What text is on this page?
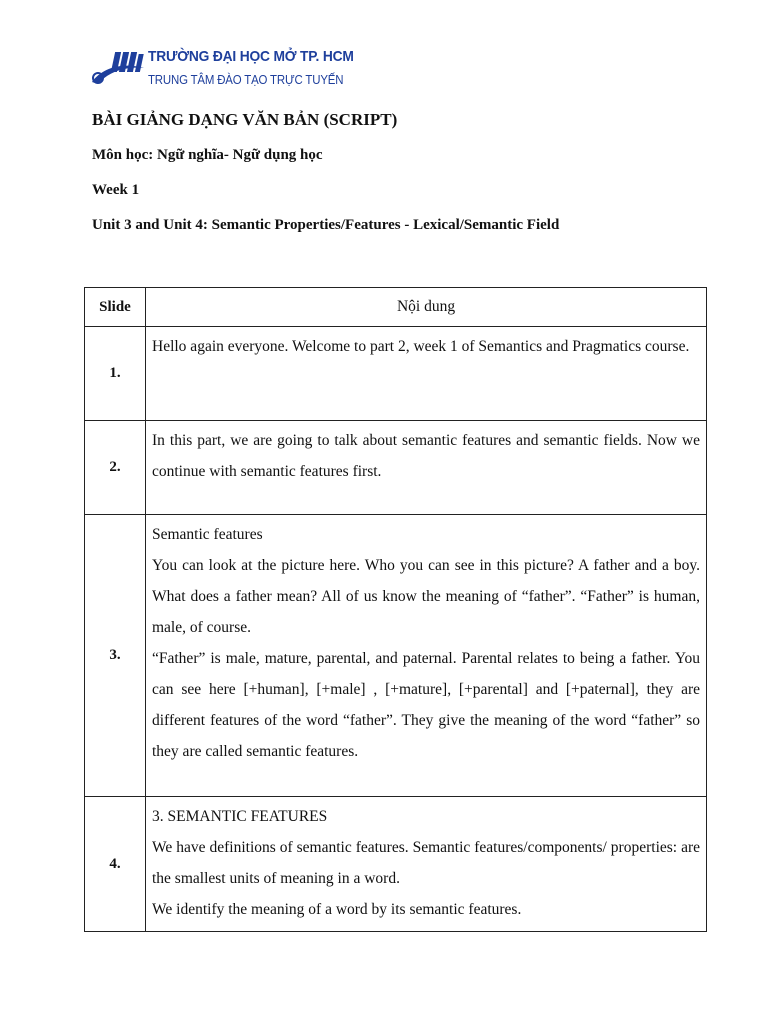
TRƯỜNG ĐẠI HỌC MỞ TP. HCM
TRUNG TÂM ĐÀO TẠO TRỰC TUYẾN
BÀI GIẢNG DẠNG VĂN BẢN (SCRIPT)
Môn học: Ngữ nghĩa- Ngữ dụng học
Week 1
Unit 3 and Unit 4: Semantic Properties/Features - Lexical/Semantic Field
Slide	Nội dung
1.	Hello again everyone. Welcome to part 2, week 1 of Semantics and Pragmatics course.

2.	In this part, we are going to talk about semantic features and semantic fields. Now we continue with semantic features first.

3.	Semantic features

You can look at the picture here. Who you can see in this picture? A father and a boy. What does a father mean? All of us know the meaning of “father”. “Father” is human, male, of course.

“Father” is male, mature, parental, and paternal. Parental relates to being a father. You can see here [+human], [+male] , [+mature], [+parental] and [+paternal], they are different features of the word “father”. They give the meaning of the word “father” so they are called semantic features.

4.	3. SEMANTIC FEATURES

We have definitions of semantic features. Semantic features/components/ properties: are the smallest units of meaning in a word.

We identify the meaning of a word by its semantic features.
